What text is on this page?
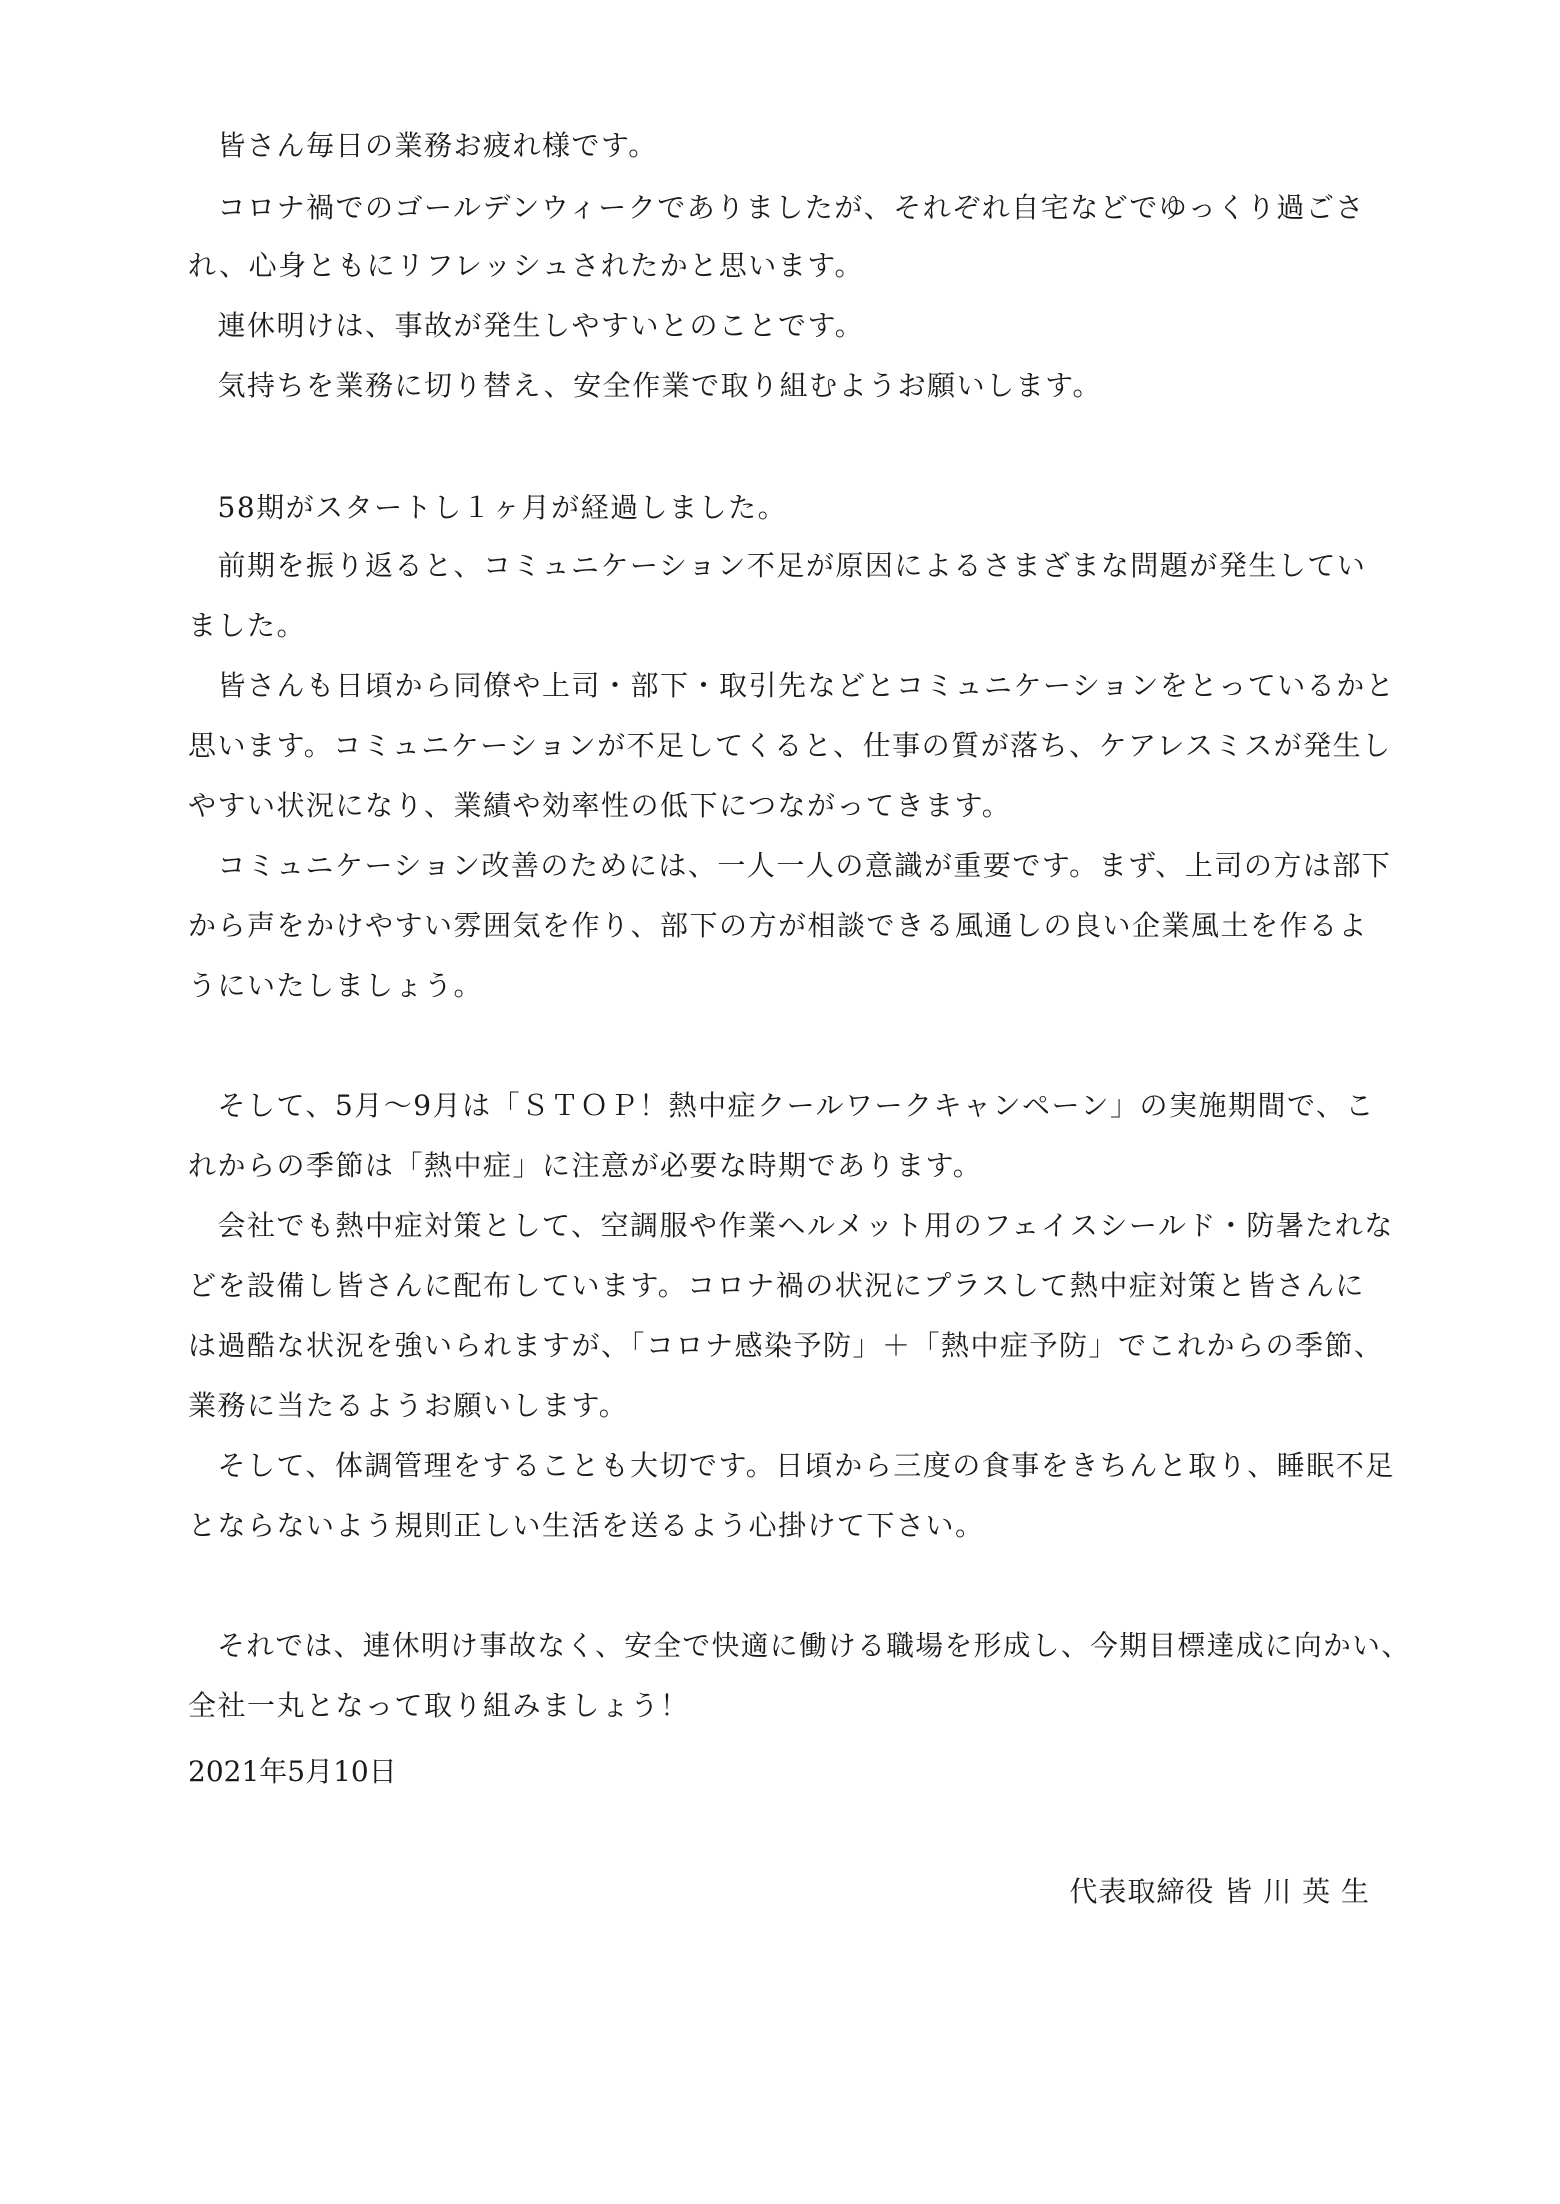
　皆さん毎日の業務お疲れ様です。
　コロナ禍でのゴールデンウィークでありましたが、それぞれ自宅などでゆっくり過ごさ
れ、心身ともにリフレッシュされたかと思います。
　連休明けは、事故が発生しやすいとのことです。
　気持ちを業務に切り替え、安全作業で取り組むようお願いします。
　58期がスタートし１ヶ月が経過しました。
　前期を振り返ると、コミュニケーション不足が原因によるさまざまな問題が発生してい
ました。
　皆さんも日頃から同僚や上司・部下・取引先などとコミュニケーションをとっているかと
思います。コミュニケーションが不足してくると、仕事の質が落ち、ケアレスミスが発生し
やすい状況になり、業績や効率性の低下につながってきます。
　コミュニケーション改善のためには、一人一人の意識が重要です。まず、上司の方は部下
から声をかけやすい雰囲気を作り、部下の方が相談できる風通しの良い企業風土を作るよ
うにいたしましょう。
　そして、5月～9月は「ＳＴＯＰ！熱中症クールワークキャンペーン」の実施期間で、こ
れからの季節は「熱中症」に注意が必要な時期であります。
　会社でも熱中症対策として、空調服や作業ヘルメット用のフェイスシールド・防暑たれな
どを設備し皆さんに配布しています。コロナ禍の状況にプラスして熱中症対策と皆さんに
は過酷な状況を強いられますが、「コロナ感染予防」＋「熱中症予防」でこれからの季節、
業務に当たるようお願いします。
　そして、体調管理をすることも大切です。日頃から三度の食事をきちんと取り、睡眠不足
とならないよう規則正しい生活を送るよう心掛けて下さい。
　それでは、連休明け事故なく、安全で快適に働ける職場を形成し、今期目標達成に向かい、
全社一丸となって取り組みましょう！
2021年5月10日
代表取締役 皆 川 英 生
